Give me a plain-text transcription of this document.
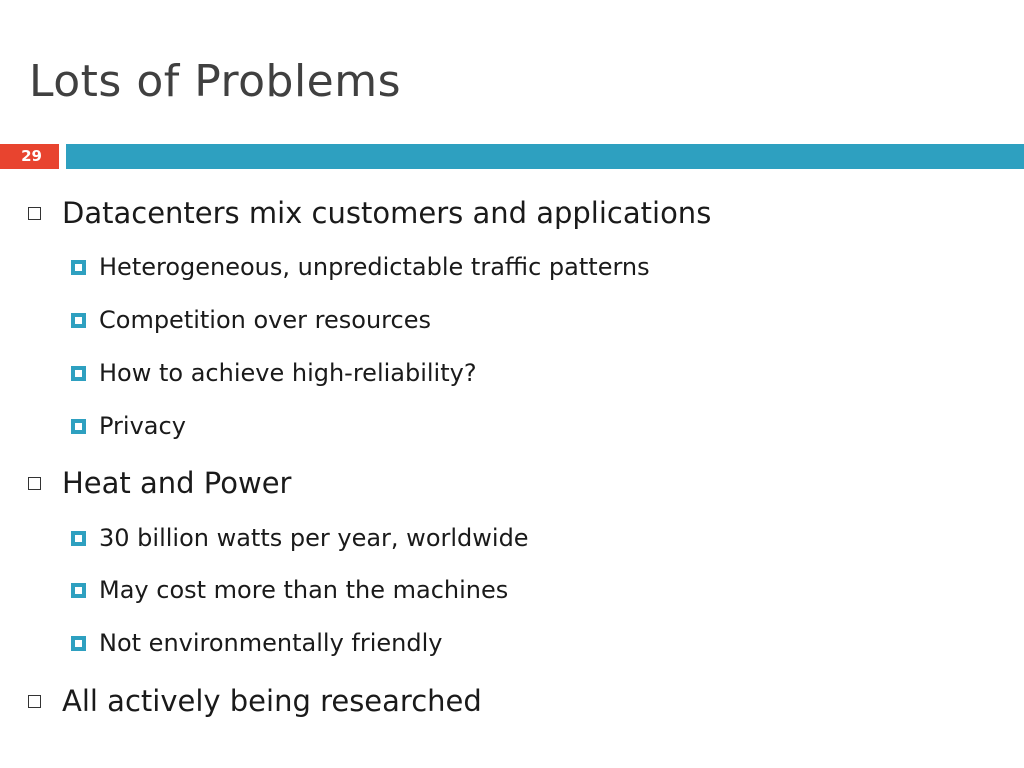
Lots of Problems
29
Datacenters mix customers and applications
Heterogeneous, unpredictable traffic patterns
Competition over resources
How to achieve high-reliability?
Privacy
Heat and Power
30 billion watts per year, worldwide
May cost more than the machines
Not environmentally friendly
All actively being researched
